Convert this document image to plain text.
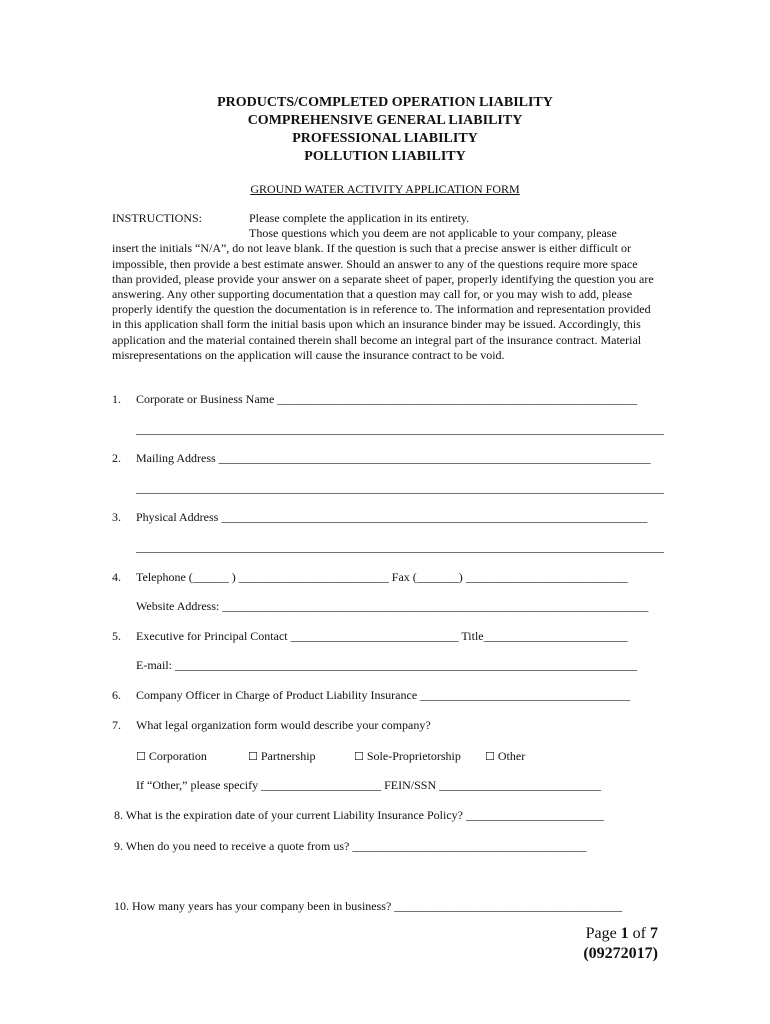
PRODUCTS/COMPLETED OPERATION LIABILITY
COMPREHENSIVE GENERAL LIABILITY
PROFESSIONAL LIABILITY
POLLUTION LIABILITY
GROUND WATER ACTIVITY APPLICATION FORM
INSTRUCTIONS:	Please complete the application in its entirety.
Those questions which you deem are not applicable to your company, please
insert the initials “N/A”, do not leave blank. If the question is such that a precise answer is either difficult or impossible, then provide a best estimate answer. Should an answer to any of the questions require more space than provided, please provide your answer on a separate sheet of paper, properly identifying the question you are answering. Any other supporting documentation that a question may call for, or you may wish to add, please properly identify the question the documentation is in reference to. The information and representation provided in this application shall form the initial basis upon which an insurance binder may be issued. Accordingly, this application and the material contained therein shall become an integral part of the insurance contract. Material misrepresentations on the application will cause the insurance contract to be void.
1. Corporate or Business Name ____________________________________________________________
________________________________________________________________________________________
2. Mailing Address ________________________________________________________________________
________________________________________________________________________________________
3. Physical Address _______________________________________________________________________
________________________________________________________________________________________
4. Telephone (______ ) _________________________ Fax (_______) ___________________________
Website Address: _______________________________________________________________________
5. Executive for Principal Contact ____________________________ Title________________________
E-mail: _____________________________________________________________________________
6. Company Officer in Charge of Product Liability Insurance ___________________________________
7. What legal organization form would describe your company?
☐ Corporation	☐ Partnership	☐ Sole-Proprietorship ☐ Other
If “Other,” please specify ____________________ FEIN/SSN ___________________________
8. What is the expiration date of your current Liability Insurance Policy? _______________________
9. When do you need to receive a quote from us? _______________________________________
10. How many years has your company been in business? ______________________________________
Page 1 of 7
(09272017)
